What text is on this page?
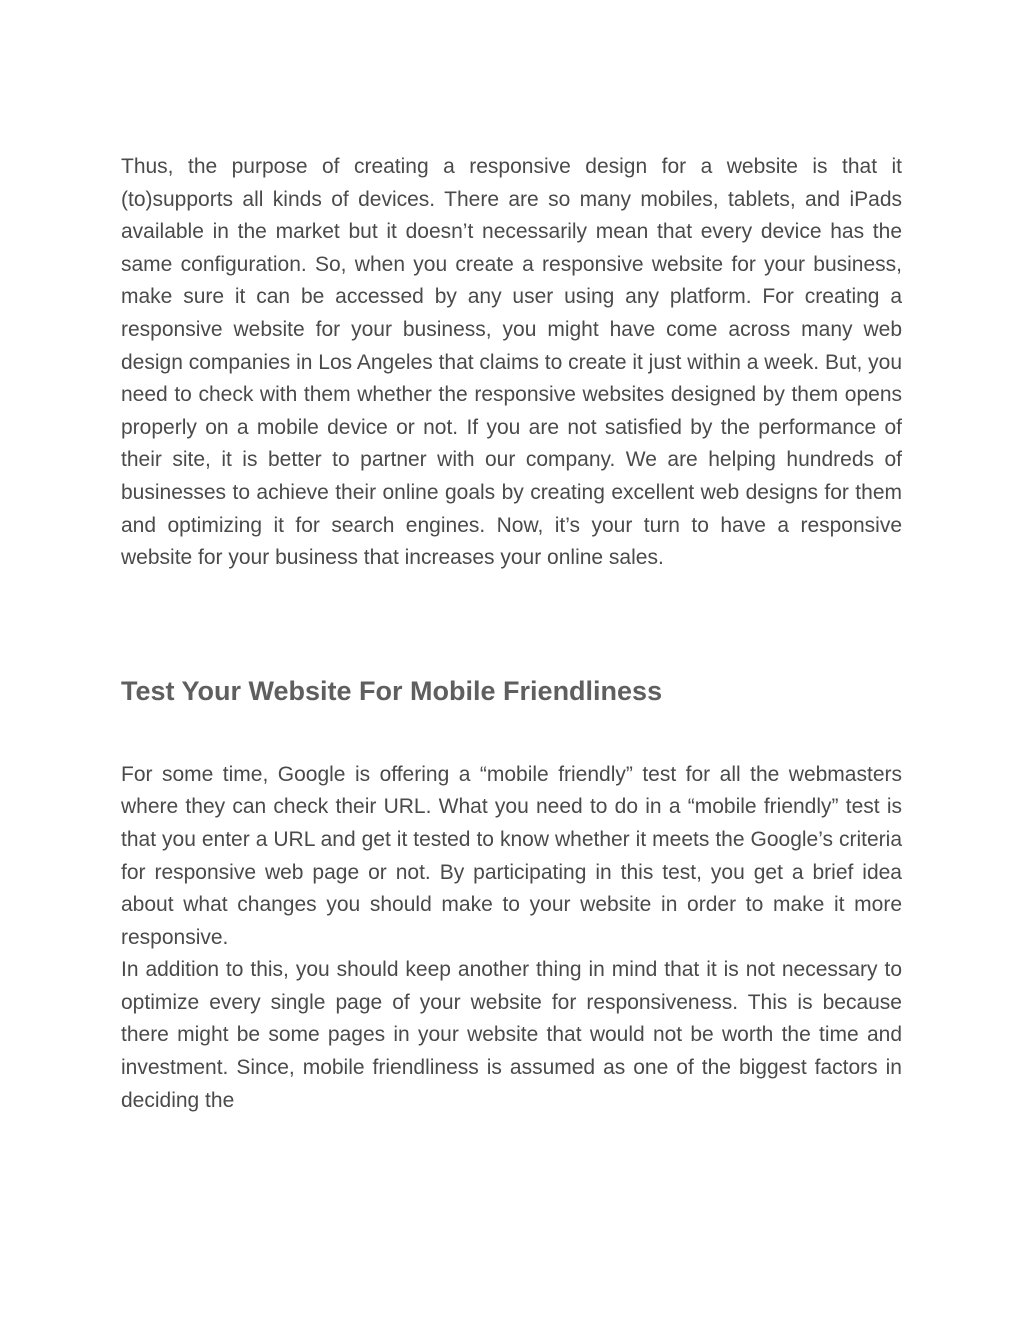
Thus, the purpose of creating a responsive design for a website is that it (to)supports all kinds of devices. There are so many mobiles, tablets, and iPads available in the market but it doesn’t necessarily mean that every device has the same configuration. So, when you create a responsive website for your business, make sure it can be accessed by any user using any platform. For creating a responsive website for your business, you might have come across many web design companies in Los Angeles that claims to create it just within a week. But, you need to check with them whether the responsive websites designed by them opens properly on a mobile device or not. If you are not satisfied by the performance of their site, it is better to partner with our company. We are helping hundreds of businesses to achieve their online goals by creating excellent web designs for them and optimizing it for search engines. Now, it’s your turn to have a responsive website for your business that increases your online sales.

Test Your Website For Mobile Friendliness

For some time, Google is offering a “mobile friendly” test for all the webmasters where they can check their URL. What you need to do in a “mobile friendly” test is that you enter a URL and get it tested to know whether it meets the Google’s criteria for responsive web page or not. By participating in this test, you get a brief idea about what changes you should make to your website in order to make it more responsive.

In addition to this, you should keep another thing in mind that it is not necessary to optimize every single page of your website for responsiveness. This is because there might be some pages in your website that would not be worth the time and investment. Since, mobile friendliness is assumed as one of the biggest factors in deciding the
